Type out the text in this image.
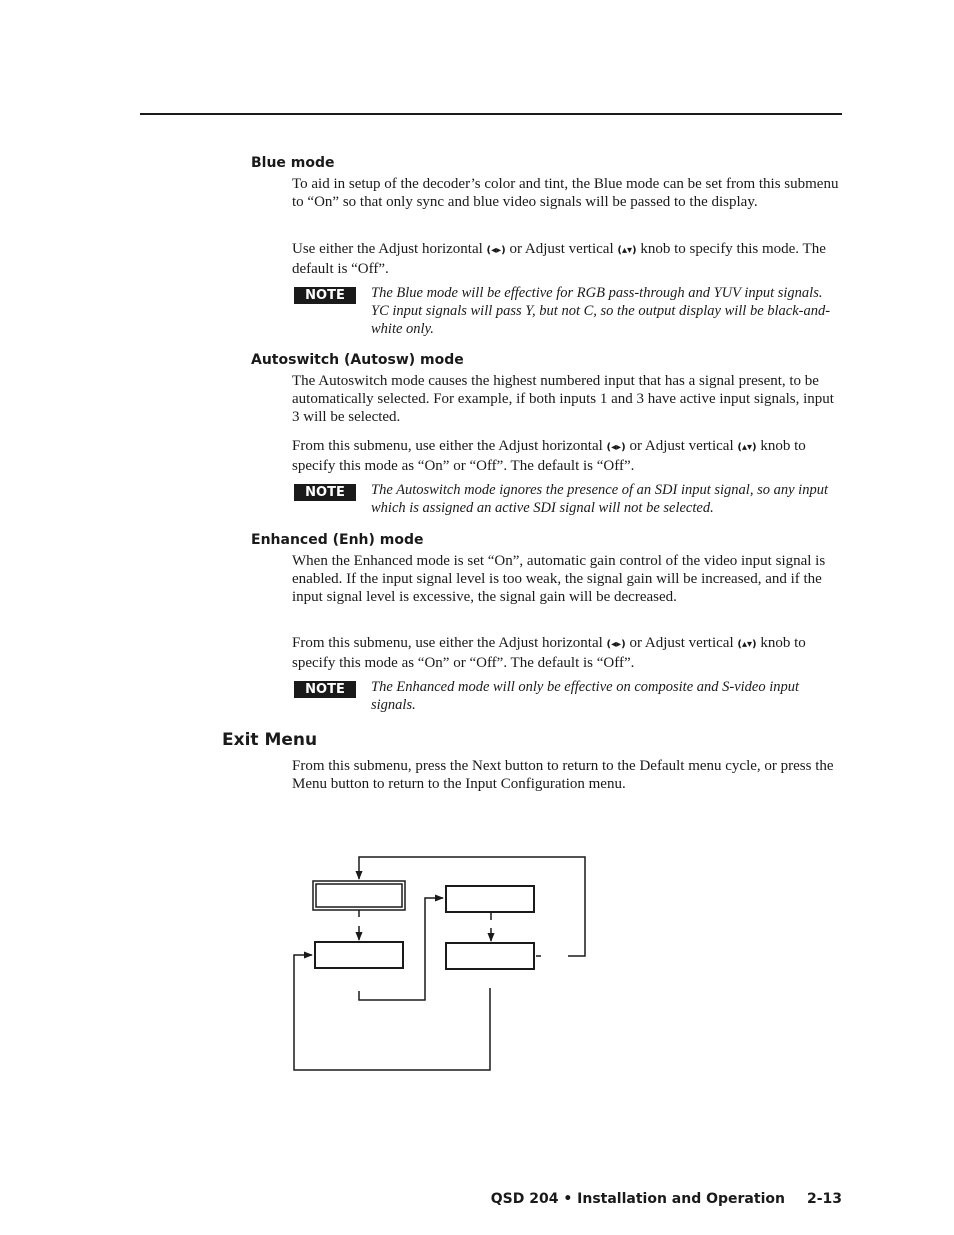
Blue mode

To aid in setup of the decoder’s color and tint, the Blue mode can be set from this submenu to “On” so that only sync and blue video signals will be passed to the display.

Use either the Adjust horizontal (◂▸) or Adjust vertical (▴▾) knob to specify this mode. The default is “Off”.

NOTE	The Blue mode will be effective for RGB pass-through and YUV input signals. YC input signals will pass Y, but not C, so the output display will be black-and-white only.

Autoswitch (Autosw) mode

The Autoswitch mode causes the highest numbered input that has a signal present, to be automatically selected. For example, if both inputs 1 and 3 have active input signals, input 3 will be selected.

From this submenu, use either the Adjust horizontal (◂▸) or Adjust vertical (▴▾) knob to specify this mode as “On” or “Off”. The default is “Off”.

NOTE	The Autoswitch mode ignores the presence of an SDI input signal, so any input which is assigned an active SDI signal will not be selected.

Enhanced (Enh) mode

When the Enhanced mode is set “On”, automatic gain control of the video input signal is enabled. If the input signal level is too weak, the signal gain will be increased, and if the input signal level is excessive, the signal gain will be decreased.

From this submenu, use either the Adjust horizontal (◂▸) or Adjust vertical (▴▾) knob to specify this mode as “On” or “Off”. The default is “Off”.

NOTE	The Enhanced mode will only be effective on composite and S-video input signals.

Exit Menu

From this submenu, press the Next button to return to the Default menu cycle, or press the Menu button to return to the Input Configuration menu.

QSD 204 • Installation and Operation 2-13
